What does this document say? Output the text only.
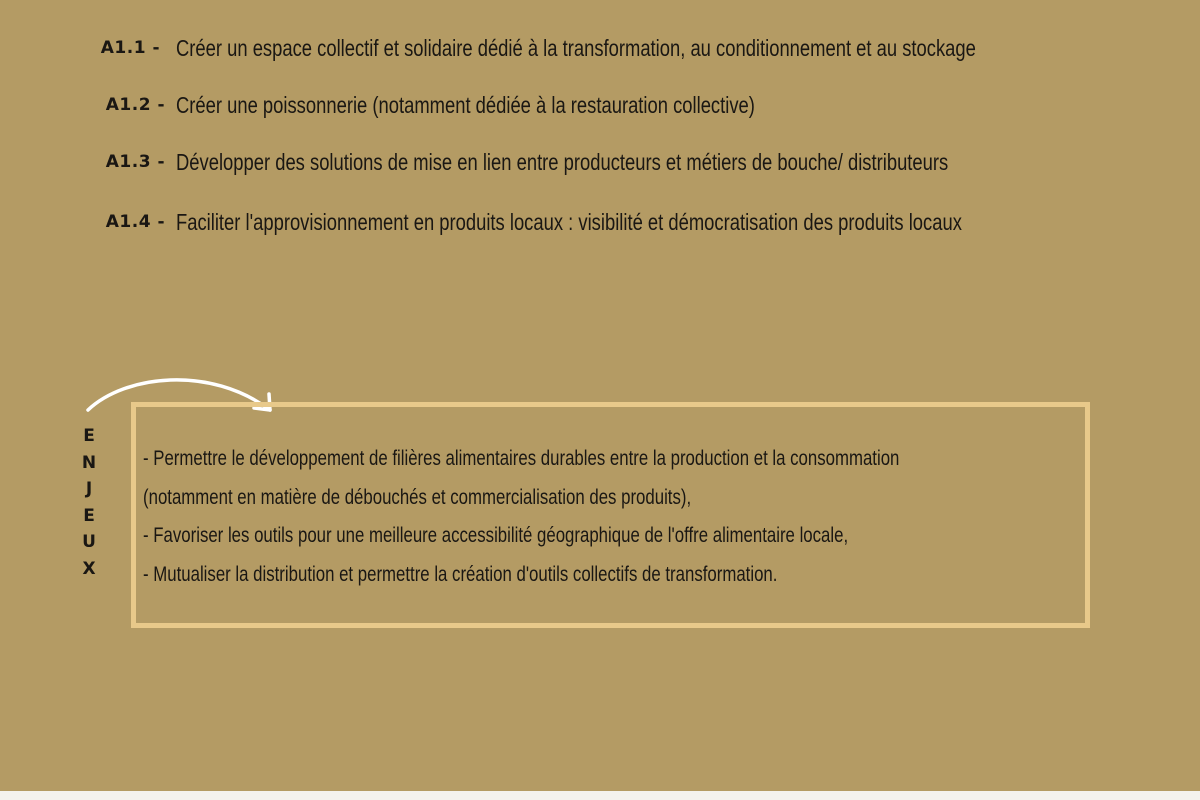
A1.1 - Créer un espace collectif et solidaire dédié à la transformation, au conditionnement et au stockage
A1.2 - Créer une poissonnerie (notamment dédiée à la restauration collective)
A1.3 - Développer des solutions de mise en lien entre producteurs et métiers de bouche/ distributeurs
A1.4 - Faciliter l'approvisionnement en produits locaux : visibilité et démocratisation des produits locaux
E
N
J
E
U
X
- Permettre le développement de filières alimentaires durables entre la production et la consommation
(notamment en matière de débouchés et commercialisation des produits),
- Favoriser les outils pour une meilleure accessibilité géographique de l'offre alimentaire locale,
- Mutualiser la distribution et permettre la création d'outils collectifs de transformation.
